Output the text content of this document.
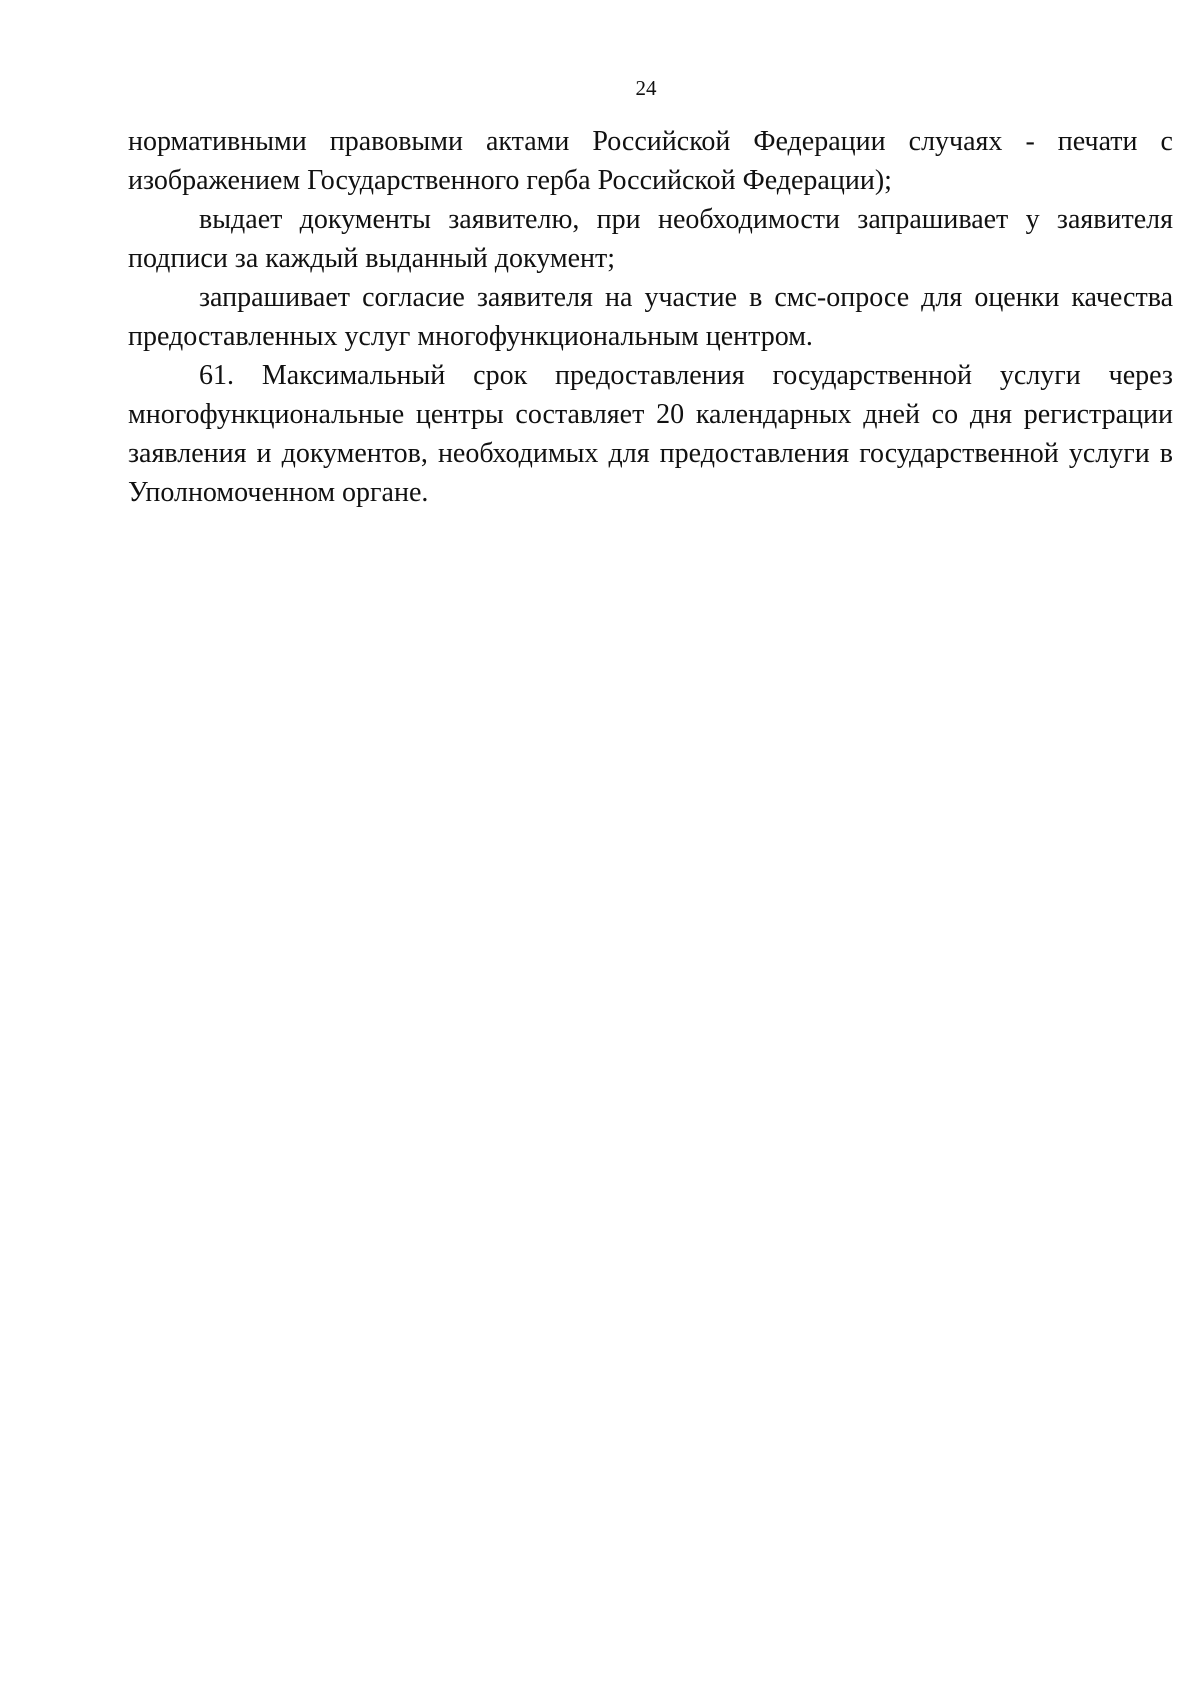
24

нормативными правовыми актами Российской Федерации случаях - печати с изображением Государственного герба Российской Федерации);

выдает документы заявителю, при необходимости запрашивает у заявителя подписи за каждый выданный документ;

запрашивает согласие заявителя на участие в смс-опросе для оценки качества предоставленных услуг многофункциональным центром.

61. Максимальный срок предоставления государственной услуги через многофункциональные центры составляет 20 календарных дней со дня регистрации заявления и документов, необходимых для предоставления государственной услуги в Уполномоченном органе.
